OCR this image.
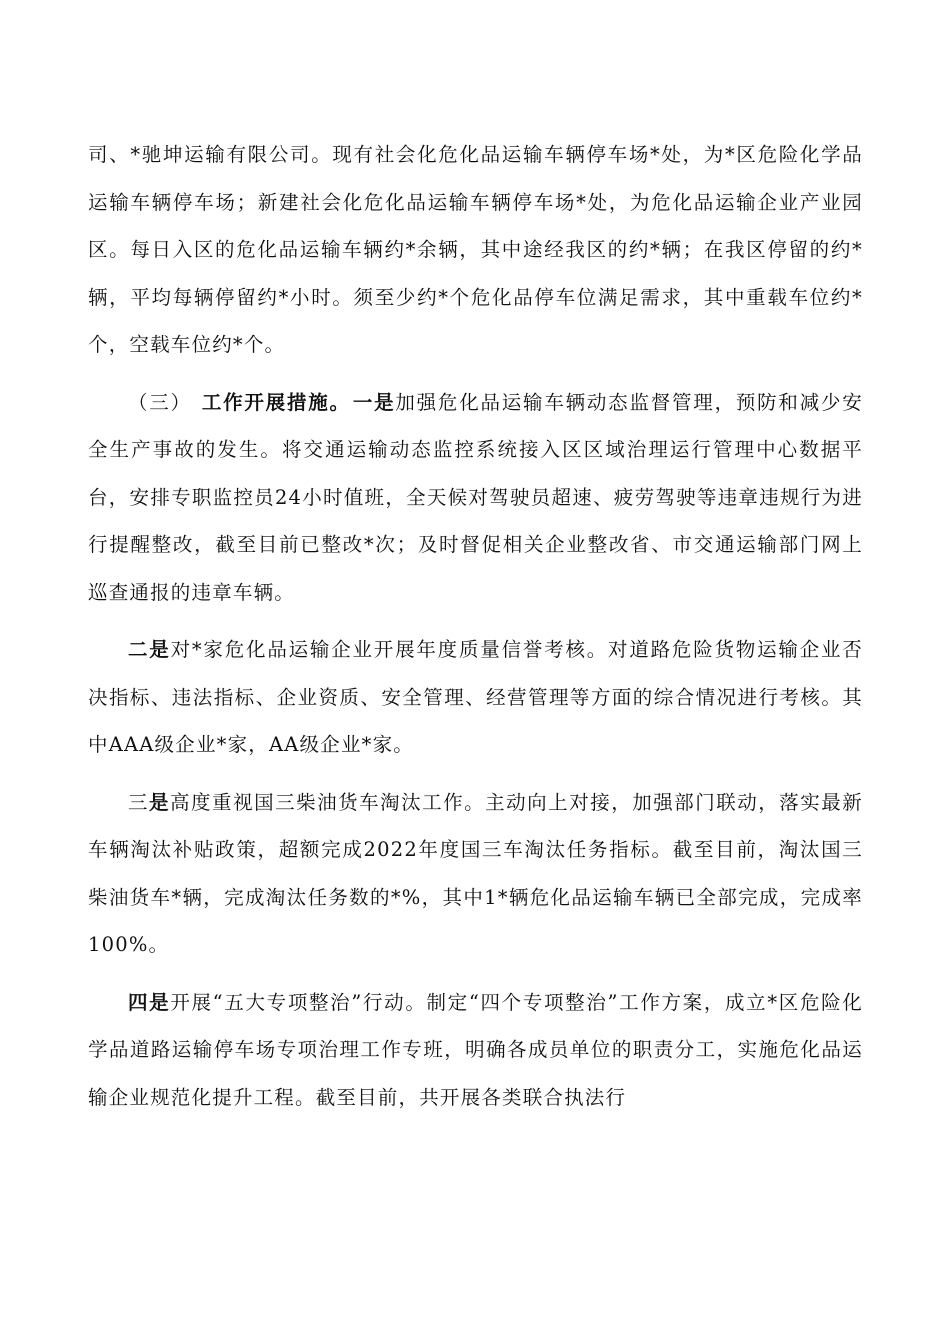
司、*驰坤运输有限公司。现有社会化危化品运输车辆停车场*处，为*区危险化学品运输车辆停车场；新建社会化危化品运输车辆停车场*处，为危化品运输企业产业园区。每日入区的危化品运输车辆约*余辆，其中途经我区的约*辆；在我区停留的约*辆，平均每辆停留约*小时。须至少约*个危化品停车位满足需求，其中重载车位约*个，空载车位约*个。

（三） 工作开展措施。 一是加强危化品运输车辆动态监督管理，预防和减少安全生产事故的发生。将交通运输动态监控系统接入区区域治理运行管理中心数据平台，安排专职监控员24小时值班，全天候对驾驶员超速、疲劳驾驶等违章违规行为进行提醒整改，截至目前已整改*次；及时督促相关企业整改省、市交通运输部门网上巡查通报的违章车辆。

二是对*家危化品运输企业开展年度质量信誉考核。对道路危险货物运输企业否决指标、违法指标、企业资质、安全管理、经营管理等方面的综合情况进行考核。其中AAA级企业*家，AA级企业*家。

三是高度重视国三柴油货车淘汰工作。主动向上对接，加强部门联动，落实最新车辆淘汰补贴政策，超额完成2022年度国三车淘汰任务指标。截至目前，淘汰国三柴油货车*辆，完成淘汰任务数的*%，其中1*辆危化品运输车辆已全部完成，完成率100%。

四是开展“五大专项整治”行动。制定“四个专项整治”工作方案，成立*区危险化学品道路运输停车场专项治理工作专班，明确各成员单位的职责分工，实施危化品运输企业规范化提升工程。截至目前，共开展各类联合执法行
